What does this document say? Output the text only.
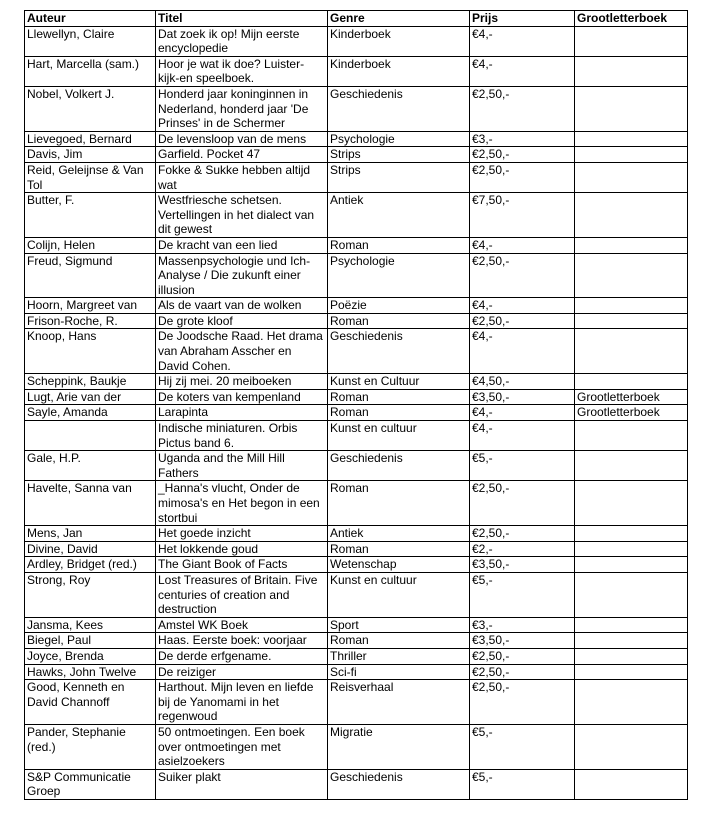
Auteur	Titel	Genre	Prijs	Grootletterboek
Llewellyn, Claire	Dat zoek ik op! Mijn eerste encyclopedie	Kinderboek	€4,-	
Hart, Marcella (sam.)	Hoor je wat ik doe? Luister- kijk-en speelboek.	Kinderboek	€4,-	
Nobel, Volkert J.	Honderd jaar koninginnen in Nederland, honderd jaar 'De Prinses' in de Schermer	Geschiedenis	€2,50,-	
Lievegoed, Bernard	De levensloop van de mens	Psychologie	€3,-	
Davis, Jim	Garfield. Pocket 47	Strips	€2,50,-	
Reid, Geleijnse & Van Tol	Fokke & Sukke hebben altijd wat	Strips	€2,50,-	
Butter, F.	Westfriesche schetsen. Vertellingen in het dialect van dit gewest	Antiek	€7,50,-	
Colijn, Helen	De kracht van een lied	Roman	€4,-	
Freud, Sigmund	Massenpsychologie und Ich-Analyse / Die zukunft einer illusion	Psychologie	€2,50,-	
Hoorn, Margreet van	Als de vaart van de wolken	Poëzie	€4,-	
Frison-Roche, R.	De grote kloof	Roman	€2,50,-	
Knoop, Hans	De Joodsche Raad. Het drama van Abraham Asscher en David Cohen.	Geschiedenis	€4,-	
Scheppink, Baukje	Hij zij mei. 20 meiboeken	Kunst en Cultuur	€4,50,-	
Lugt, Arie van der	De koters van kempenland	Roman	€3,50,-	Grootletterboek
Sayle, Amanda	Larapinta	Roman	€4,-	Grootletterboek
	Indische miniaturen. Orbis Pictus band 6.	Kunst en cultuur	€4,-	
Gale, H.P.	Uganda and the Mill Hill Fathers	Geschiedenis	€5,-	
Havelte, Sanna van	_Hanna's vlucht, Onder de mimosa's en Het begon in een stortbui	Roman	€2,50,-	
Mens, Jan	Het goede inzicht	Antiek	€2,50,-	
Divine, David	Het lokkende goud	Roman	€2,-	
Ardley, Bridget (red.)	The Giant Book of Facts	Wetenschap	€3,50,-	
Strong, Roy	Lost Treasures of Britain. Five centuries of creation and destruction	Kunst en cultuur	€5,-	
Jansma, Kees	Amstel WK Boek	Sport	€3,-	
Biegel, Paul	Haas. Eerste boek: voorjaar	Roman	€3,50,-	
Joyce, Brenda	De derde erfgename.	Thriller	€2,50,-	
Hawks, John Twelve	De reiziger	Sci-fi	€2,50,-	
Good, Kenneth en David Channoff	Harthout. Mijn leven en liefde bij de Yanomami in het regenwoud	Reisverhaal	€2,50,-	
Pander, Stephanie (red.)	50 ontmoetingen. Een boek over ontmoetingen met asielzoekers	Migratie	€5,-	
S&P Communicatie Groep	Suiker plakt	Geschiedenis	€5,-	
